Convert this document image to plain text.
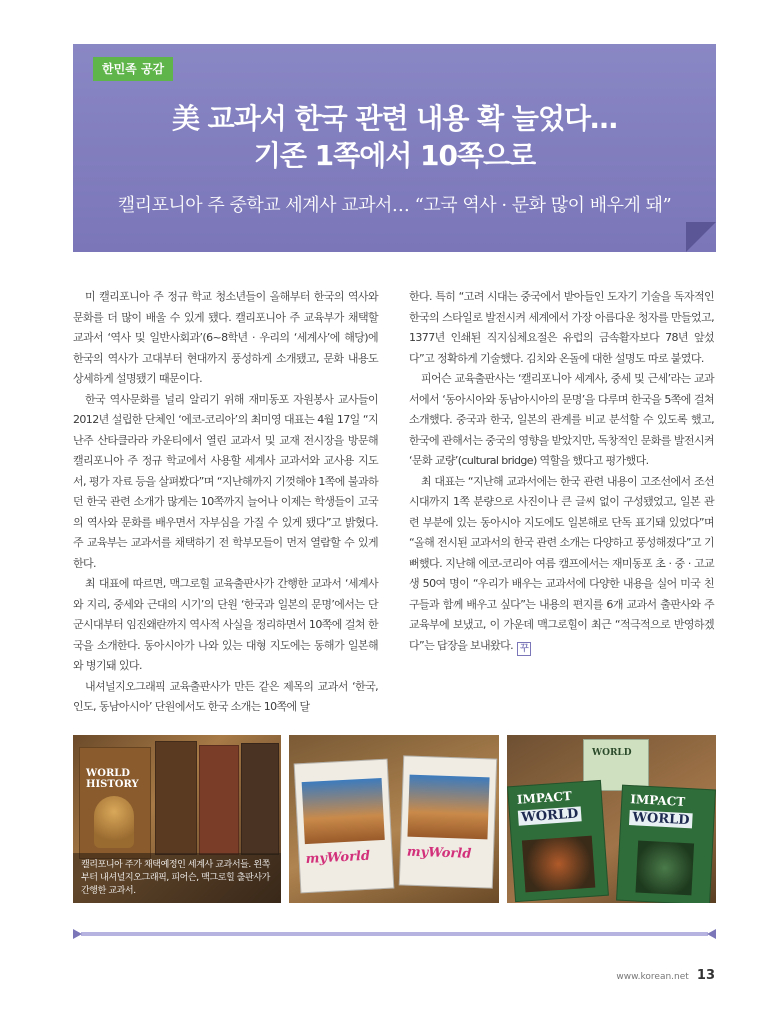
한민족 공감
美 교과서 한국 관련 내용 확 늘었다…
기존 1쪽에서 10쪽으로
캘리포니아 주 중학교 세계사 교과서… “고국 역사 · 문화 많이 배우게 돼”

미 캘리포니아 주 정규 학교 청소년들이 올해부터 한국의 역사와 문화를 더 많이 배울 수 있게 됐다. 캘리포니아 주 교육부가 채택할 교과서 ‘역사 및 일반사회과’(6~8학년 · 우리의 ‘세계사’에 해당)에 한국의 역사가 고대부터 현대까지 풍성하게 소개됐고, 문화 내용도 상세하게 설명됐기 때문이다.

한국 역사문화를 널리 알리기 위해 재미동포 자원봉사 교사들이 2012년 설립한 단체인 ‘에코-코리아’의 최미영 대표는 4월 17일 “지난주 산타클라라 카운티에서 열린 교과서 및 교재 전시장을 방문해 캘리포니아 주 정규 학교에서 사용할 세계사 교과서와 교사용 지도서, 평가 자료 등을 살펴봤다”며 “지난해까지 기껏해야 1쪽에 불과하던 한국 관련 소개가 많게는 10쪽까지 늘어나 이제는 학생들이 고국의 역사와 문화를 배우면서 자부심을 가질 수 있게 됐다”고 밝혔다. 주 교육부는 교과서를 채택하기 전 학부모들이 먼저 열람할 수 있게 한다.

최 대표에 따르면, 맥그로힐 교육출판사가 간행한 교과서 ‘세계사와 지리, 중세와 근대의 시기’의 단원 ‘한국과 일본의 문명’에서는 단군시대부터 임진왜란까지 역사적 사실을 정리하면서 10쪽에 걸쳐 한국을 소개한다. 동아시아가 나와 있는 대형 지도에는 동해가 일본해와 병기돼 있다.

내셔널지오그래픽 교육출판사가 만든 같은 제목의 교과서 ‘한국, 인도, 동남아시아’ 단원에서도 한국 소개는 10쪽에 달

한다. 특히 “고려 시대는 중국에서 받아들인 도자기 기술을 독자적인 한국의 스타일로 발전시켜 세계에서 가장 아름다운 청자를 만들었고, 1377년 인쇄된 직지심체요절은 유럽의 금속활자보다 78년 앞섰다”고 정확하게 기술했다. 김치와 온돌에 대한 설명도 따로 붙였다.

피어슨 교육출판사는 ‘캘리포니아 세계사, 중세 및 근세’라는 교과서에서 ‘동아시아와 동남아시아의 문명’을 다루며 한국을 5쪽에 걸쳐 소개했다. 중국과 한국, 일본의 관계를 비교 분석할 수 있도록 했고, 한국에 관해서는 중국의 영향을 받았지만, 독창적인 문화를 발전시켜 ‘문화 교량’(cultural bridge) 역할을 했다고 평가했다.

최 대표는 “지난해 교과서에는 한국 관련 내용이 고조선에서 조선 시대까지 1쪽 분량으로 사진이나 큰 글씨 없이 구성됐었고, 일본 관련 부분에 있는 동아시아 지도에도 일본해로 단독 표기돼 있었다”며 “올해 전시된 교과서의 한국 관련 소개는 다양하고 풍성해졌다”고 기뻐했다. 지난해 에코-코리아 여름 캠프에서는 재미동포 초 · 중 · 고교생 50여 명이 “우리가 배우는 교과서에 다양한 내용을 실어 미국 친구들과 함께 배우고 싶다”는 내용의 편지를 6개 교과서 출판사와 주 교육부에 보냈고, 이 가운데 맥그로힐이 최근 “적극적으로 반영하겠다”는 답장을 보내왔다. 꾸

WORLD HISTORY
캘리포니아 주가 채택예정인 세계사 교과서들. 왼쪽부터 내셔널지오그래픽, 피어슨, 맥그로힐 출판사가 간행한 교과서.
myWorld	myWorld
WORLD
IMPACT
WORLD
IMPACT
WORLD
www.korean.net 13
